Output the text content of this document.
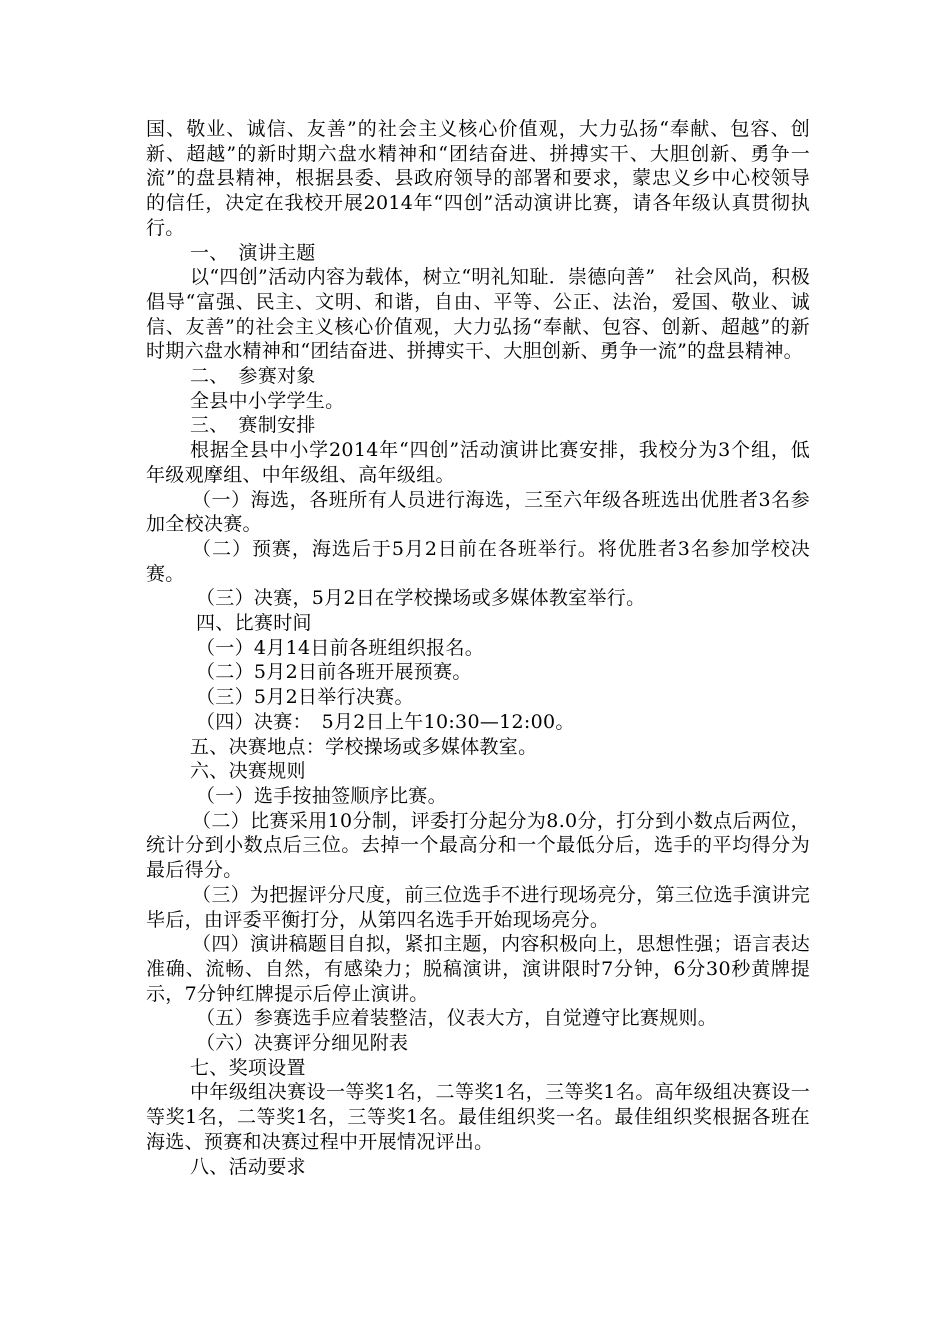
国、敬业、诚信、友善”的社会主义核心价值观，大力弘扬“奉献、包容、创新、超越”的新时期六盘水精神和“团结奋进、拼搏实干、大胆创新、勇争一流”的盘县精神，根据县委、县政府领导的部署和要求，蒙忠义乡中心校领导的信任，决定在我校开展2014年“四创”活动演讲比赛，请各年级认真贯彻执行。

一、　演讲主题

以“四创”活动内容为载体，树立“明礼知耻．崇德向善”　社会风尚，积极倡导“富强、民主、文明、和谐，自由、平等、公正、法治，爱国、敬业、诚信、友善”的社会主义核心价值观，大力弘扬“奉献、包容、创新、超越”的新时期六盘水精神和“团结奋进、拼搏实干、大胆创新、勇争一流”的盘县精神。

二、　参赛对象

全县中小学学生。

三、　赛制安排

根据全县中小学2014年“四创”活动演讲比赛安排，我校分为3个组，低年级观摩组、中年级组、高年级组。

（一）海选，各班所有人员进行海选，三至六年级各班选出优胜者3名参加全校决赛。

（二）预赛，海选后于5月2日前在各班举行。将优胜者3名参加学校决赛。

（三）决赛，5月2日在学校操场或多媒体教室举行。

四、比赛时间

（一）4月14日前各班组织报名。

（二）5月2日前各班开展预赛。

（三）5月2日举行决赛。

（四）决赛：　5月2日上午10:30—12:00。

五、决赛地点：学校操场或多媒体教室。

六、决赛规则

（一）选手按抽签顺序比赛。

（二）比赛采用10分制，评委打分起分为8.0分，打分到小数点后两位，统计分到小数点后三位。去掉一个最高分和一个最低分后，选手的平均得分为最后得分。

（三）为把握评分尺度，前三位选手不进行现场亮分，第三位选手演讲完毕后，由评委平衡打分，从第四名选手开始现场亮分。

（四）演讲稿题目自拟，紧扣主题，内容积极向上，思想性强；语言表达准确、流畅、自然，有感染力；脱稿演讲，演讲限时7分钟，6分30秒黄牌提示，7分钟红牌提示后停止演讲。

（五）参赛选手应着装整洁，仪表大方，自觉遵守比赛规则。

（六）决赛评分细见附表

七、奖项设置

中年级组决赛设一等奖1名，二等奖1名，三等奖1名。高年级组决赛设一等奖1名，二等奖1名，三等奖1名。最佳组织奖一名。最佳组织奖根据各班在海选、预赛和决赛过程中开展情况评出。

八、活动要求
